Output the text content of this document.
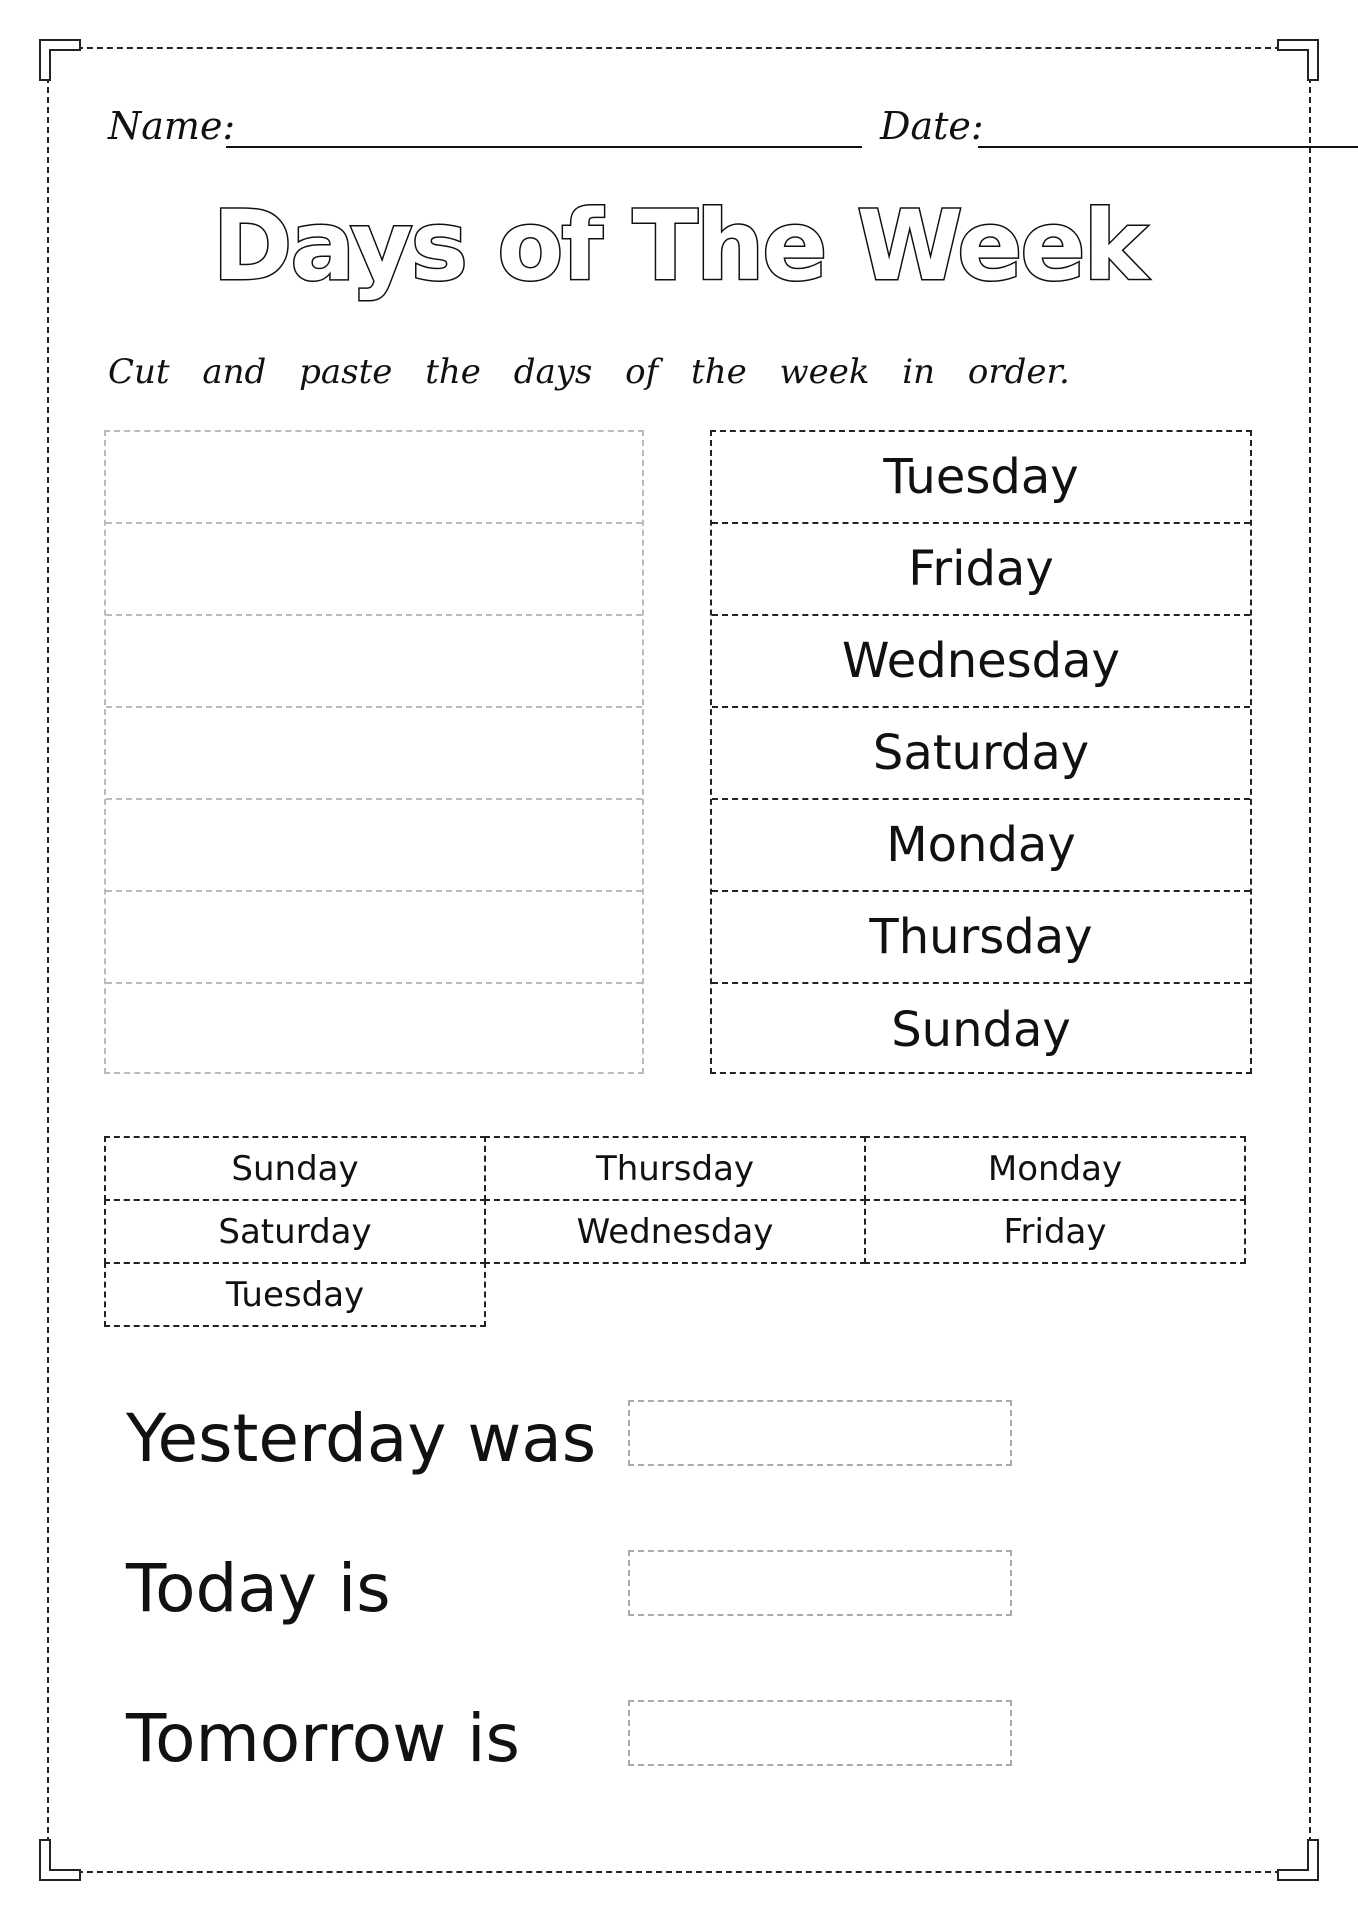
Name:	Date:
Days of The Week
Cut and paste the days of the week in order.
Tuesday
Friday
Wednesday
Saturday
Monday
Thursday
Sunday
Sunday	Thursday	Monday
Saturday	Wednesday	Friday
Tuesday
Yesterday was
Today is
Tomorrow is
